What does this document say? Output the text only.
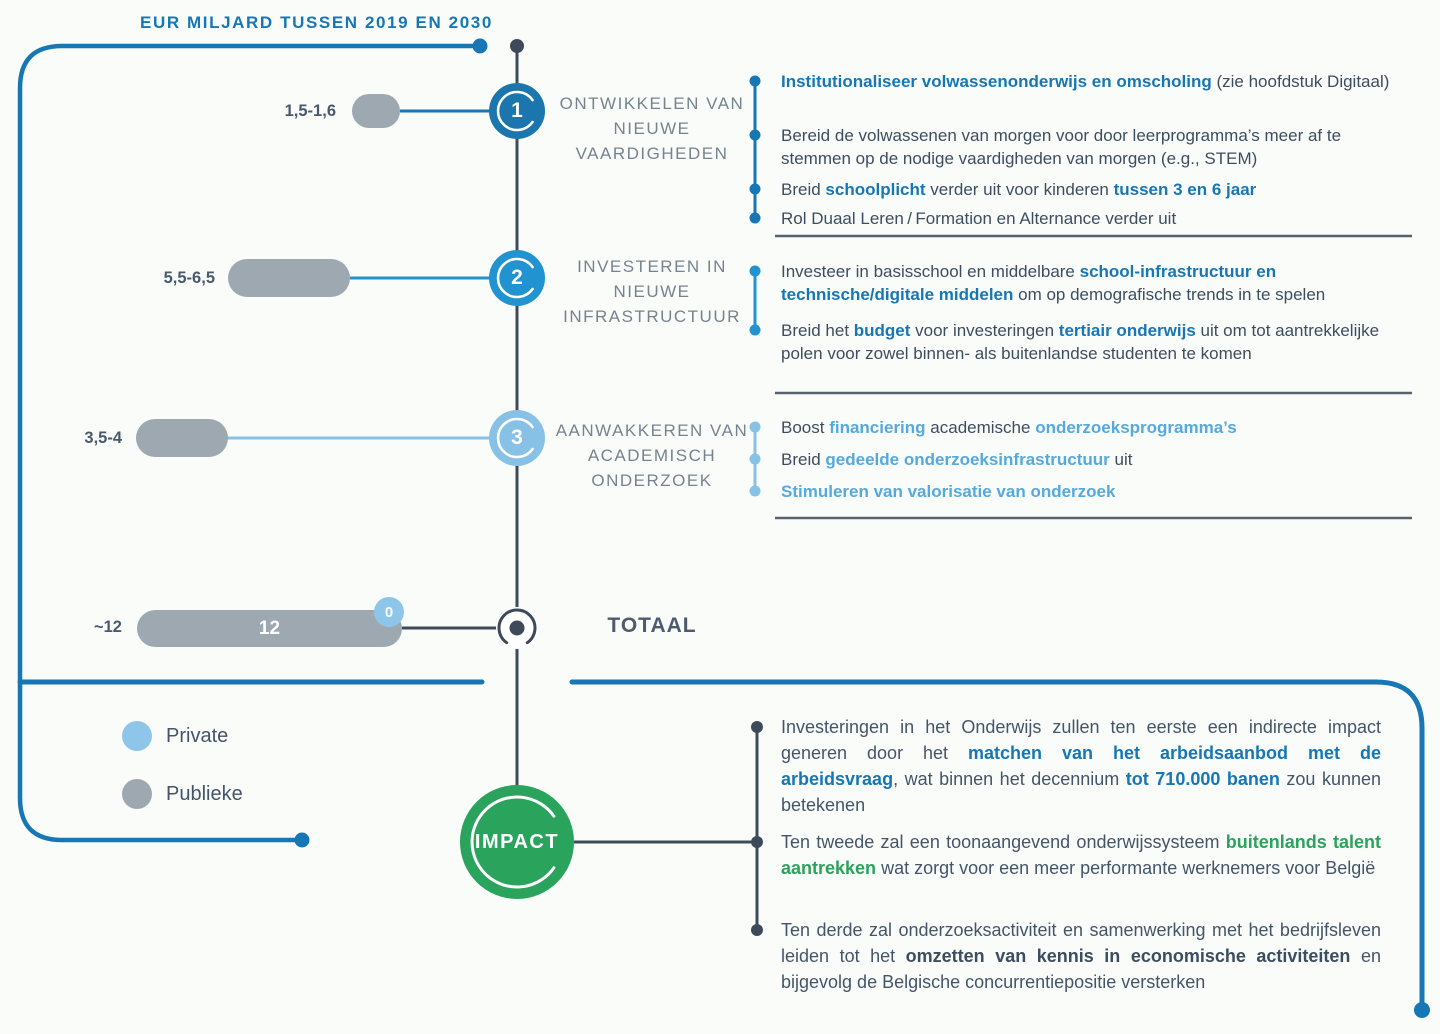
EUR MILJARD TUSSEN 2019 EN 2030
1,5-1,6	1	ONTWIKKELEN VAN NIEUWE VAARDIGHEDEN
Institutionaliseer volwassenonderwijs en omscholing (zie hoofdstuk Digitaal)
Bereid de volwassenen van morgen voor door leerprogramma’s meer af te stemmen op de nodige vaardigheden van morgen (e.g., STEM)
Breid schoolplicht verder uit voor kinderen tussen 3 en 6 jaar
Rol Duaal Leren / Formation en Alternance verder uit
5,5-6,5	2	INVESTEREN IN NIEUWE INFRASTRUCTUUR
Investeer in basisschool en middelbare school-infrastructuur en technische/digitale middelen om op demografische trends in te spelen
Breid het budget voor investeringen tertiair onderwijs uit om tot aantrekkelijke polen voor zowel binnen- als buitenlandse studenten te komen
3,5-4	3 AANWAKKEREN VAN ACADEMISCH ONDERZOEK
Boost financiering academische onderzoeksprogramma’s
Breid gedeelde onderzoeksinfrastructuur uit
Stimuleren van valorisatie van onderzoek
~12	12
0
TOTAAL
Private
Publieke
IMPACT
Investeringen in het Onderwijs zullen ten eerste een indirecte impact generen door het matchen van het arbeidsaanbod met de arbeidsvraag, wat binnen het decennium tot 710.000 banen zou kunnen betekenen
Ten tweede zal een toonaangevend onderwijssysteem buitenlands talent aantrekken wat zorgt voor een meer performante werknemers voor België
Ten derde zal onderzoeksactiviteit en samenwerking met het bedrijfsleven leiden tot het omzetten van kennis in economische activiteiten en bijgevolg de Belgische concurrentiepositie versterken
